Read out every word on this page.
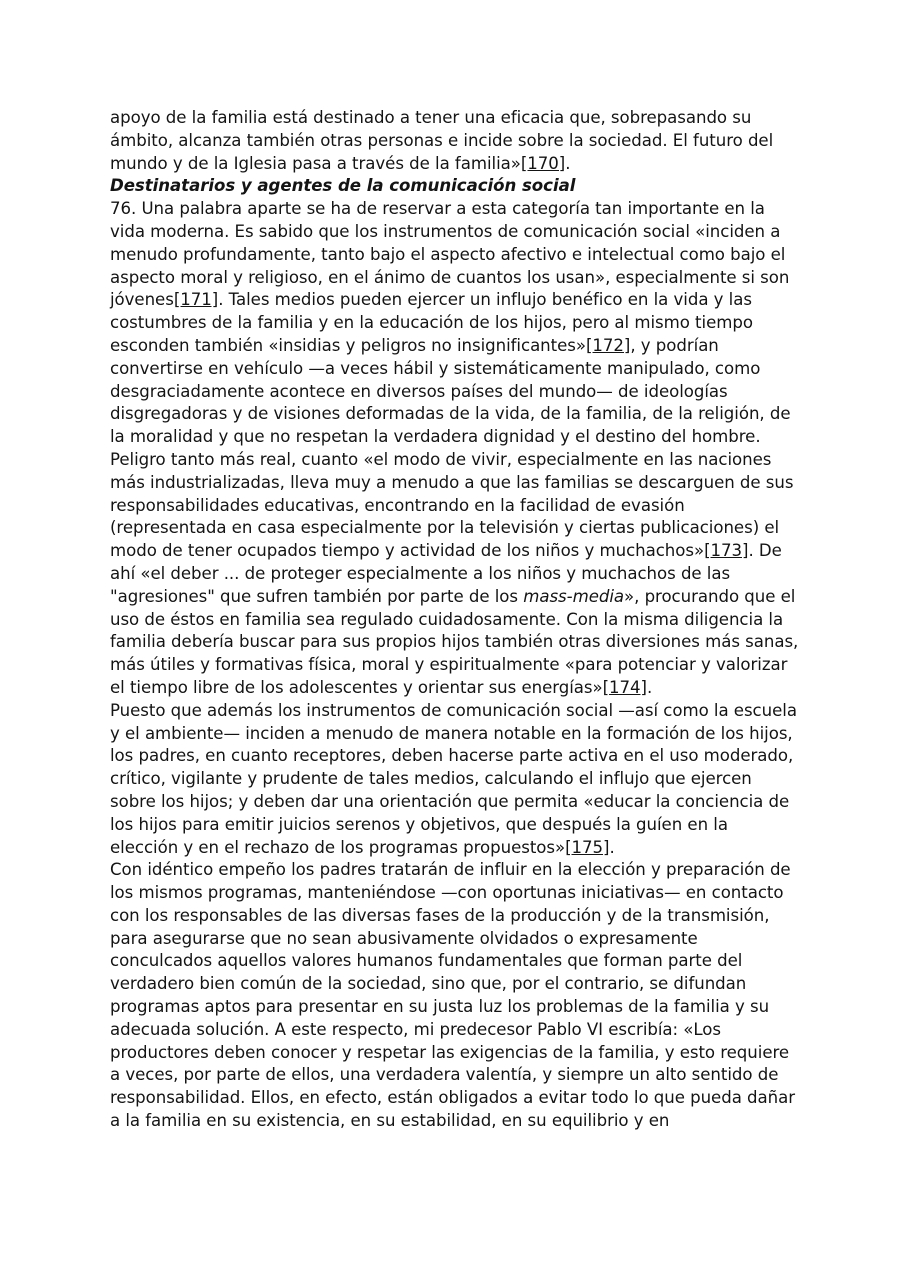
apoyo de la familia está destinado a tener una eficacia que, sobrepasando su ámbito, alcanza también otras personas e incide sobre la sociedad. El futuro del mundo y de la Iglesia pasa a través de la familia»[170].

Destinatarios y agentes de la comunicación social

76. Una palabra aparte se ha de reservar a esta categoría tan importante en la vida moderna. Es sabido que los instrumentos de comunicación social «inciden a menudo profundamente, tanto bajo el aspecto afectivo e intelectual como bajo el aspecto moral y religioso, en el ánimo de cuantos los usan», especialmente si son jóvenes[171]. Tales medios pueden ejercer un influjo benéfico en la vida y las costumbres de la familia y en la educación de los hijos, pero al mismo tiempo esconden también «insidias y peligros no insignificantes»[172], y podrían convertirse en vehículo —a veces hábil y sistemáticamente manipulado, como desgraciadamente acontece en diversos países del mundo— de ideologías disgregadoras y de visiones deformadas de la vida, de la familia, de la religión, de la moralidad y que no respetan la verdadera dignidad y el destino del hombre.

Peligro tanto más real, cuanto «el modo de vivir, especialmente en las naciones más industrializadas, lleva muy a menudo a que las familias se descarguen de sus responsabilidades educativas, encontrando en la facilidad de evasión (representada en casa especialmente por la televisión y ciertas publicaciones) el modo de tener ocupados tiempo y actividad de los niños y muchachos»[173]. De ahí «el deber ... de proteger especialmente a los niños y muchachos de las "agresiones" que sufren también por parte de los mass-media», procurando que el uso de éstos en familia sea regulado cuidadosamente. Con la misma diligencia la familia debería buscar para sus propios hijos también otras diversiones más sanas, más útiles y formativas física, moral y espiritualmente «para potenciar y valorizar el tiempo libre de los adolescentes y orientar sus energías»[174].

Puesto que además los instrumentos de comunicación social —así como la escuela y el ambiente— inciden a menudo de manera notable en la formación de los hijos, los padres, en cuanto receptores, deben hacerse parte activa en el uso moderado, crítico, vigilante y prudente de tales medios, calculando el influjo que ejercen sobre los hijos; y deben dar una orientación que permita «educar la conciencia de los hijos para emitir juicios serenos y objetivos, que después la guíen en la elección y en el rechazo de los programas propuestos»[175].

Con idéntico empeño los padres tratarán de influir en la elección y preparación de los mismos programas, manteniéndose —con oportunas iniciativas— en contacto con los responsables de las diversas fases de la producción y de la transmisión, para asegurarse que no sean abusivamente olvidados o expresamente conculcados aquellos valores humanos fundamentales que forman parte del verdadero bien común de la sociedad, sino que, por el contrario, se difundan programas aptos para presentar en su justa luz los problemas de la familia y su adecuada solución. A este respecto, mi predecesor Pablo VI escribía: «Los productores deben conocer y respetar las exigencias de la familia, y esto requiere a veces, por parte de ellos, una verdadera valentía, y siempre un alto sentido de responsabilidad. Ellos, en efecto, están obligados a evitar todo lo que pueda dañar a la familia en su existencia, en su estabilidad, en su equilibrio y en
